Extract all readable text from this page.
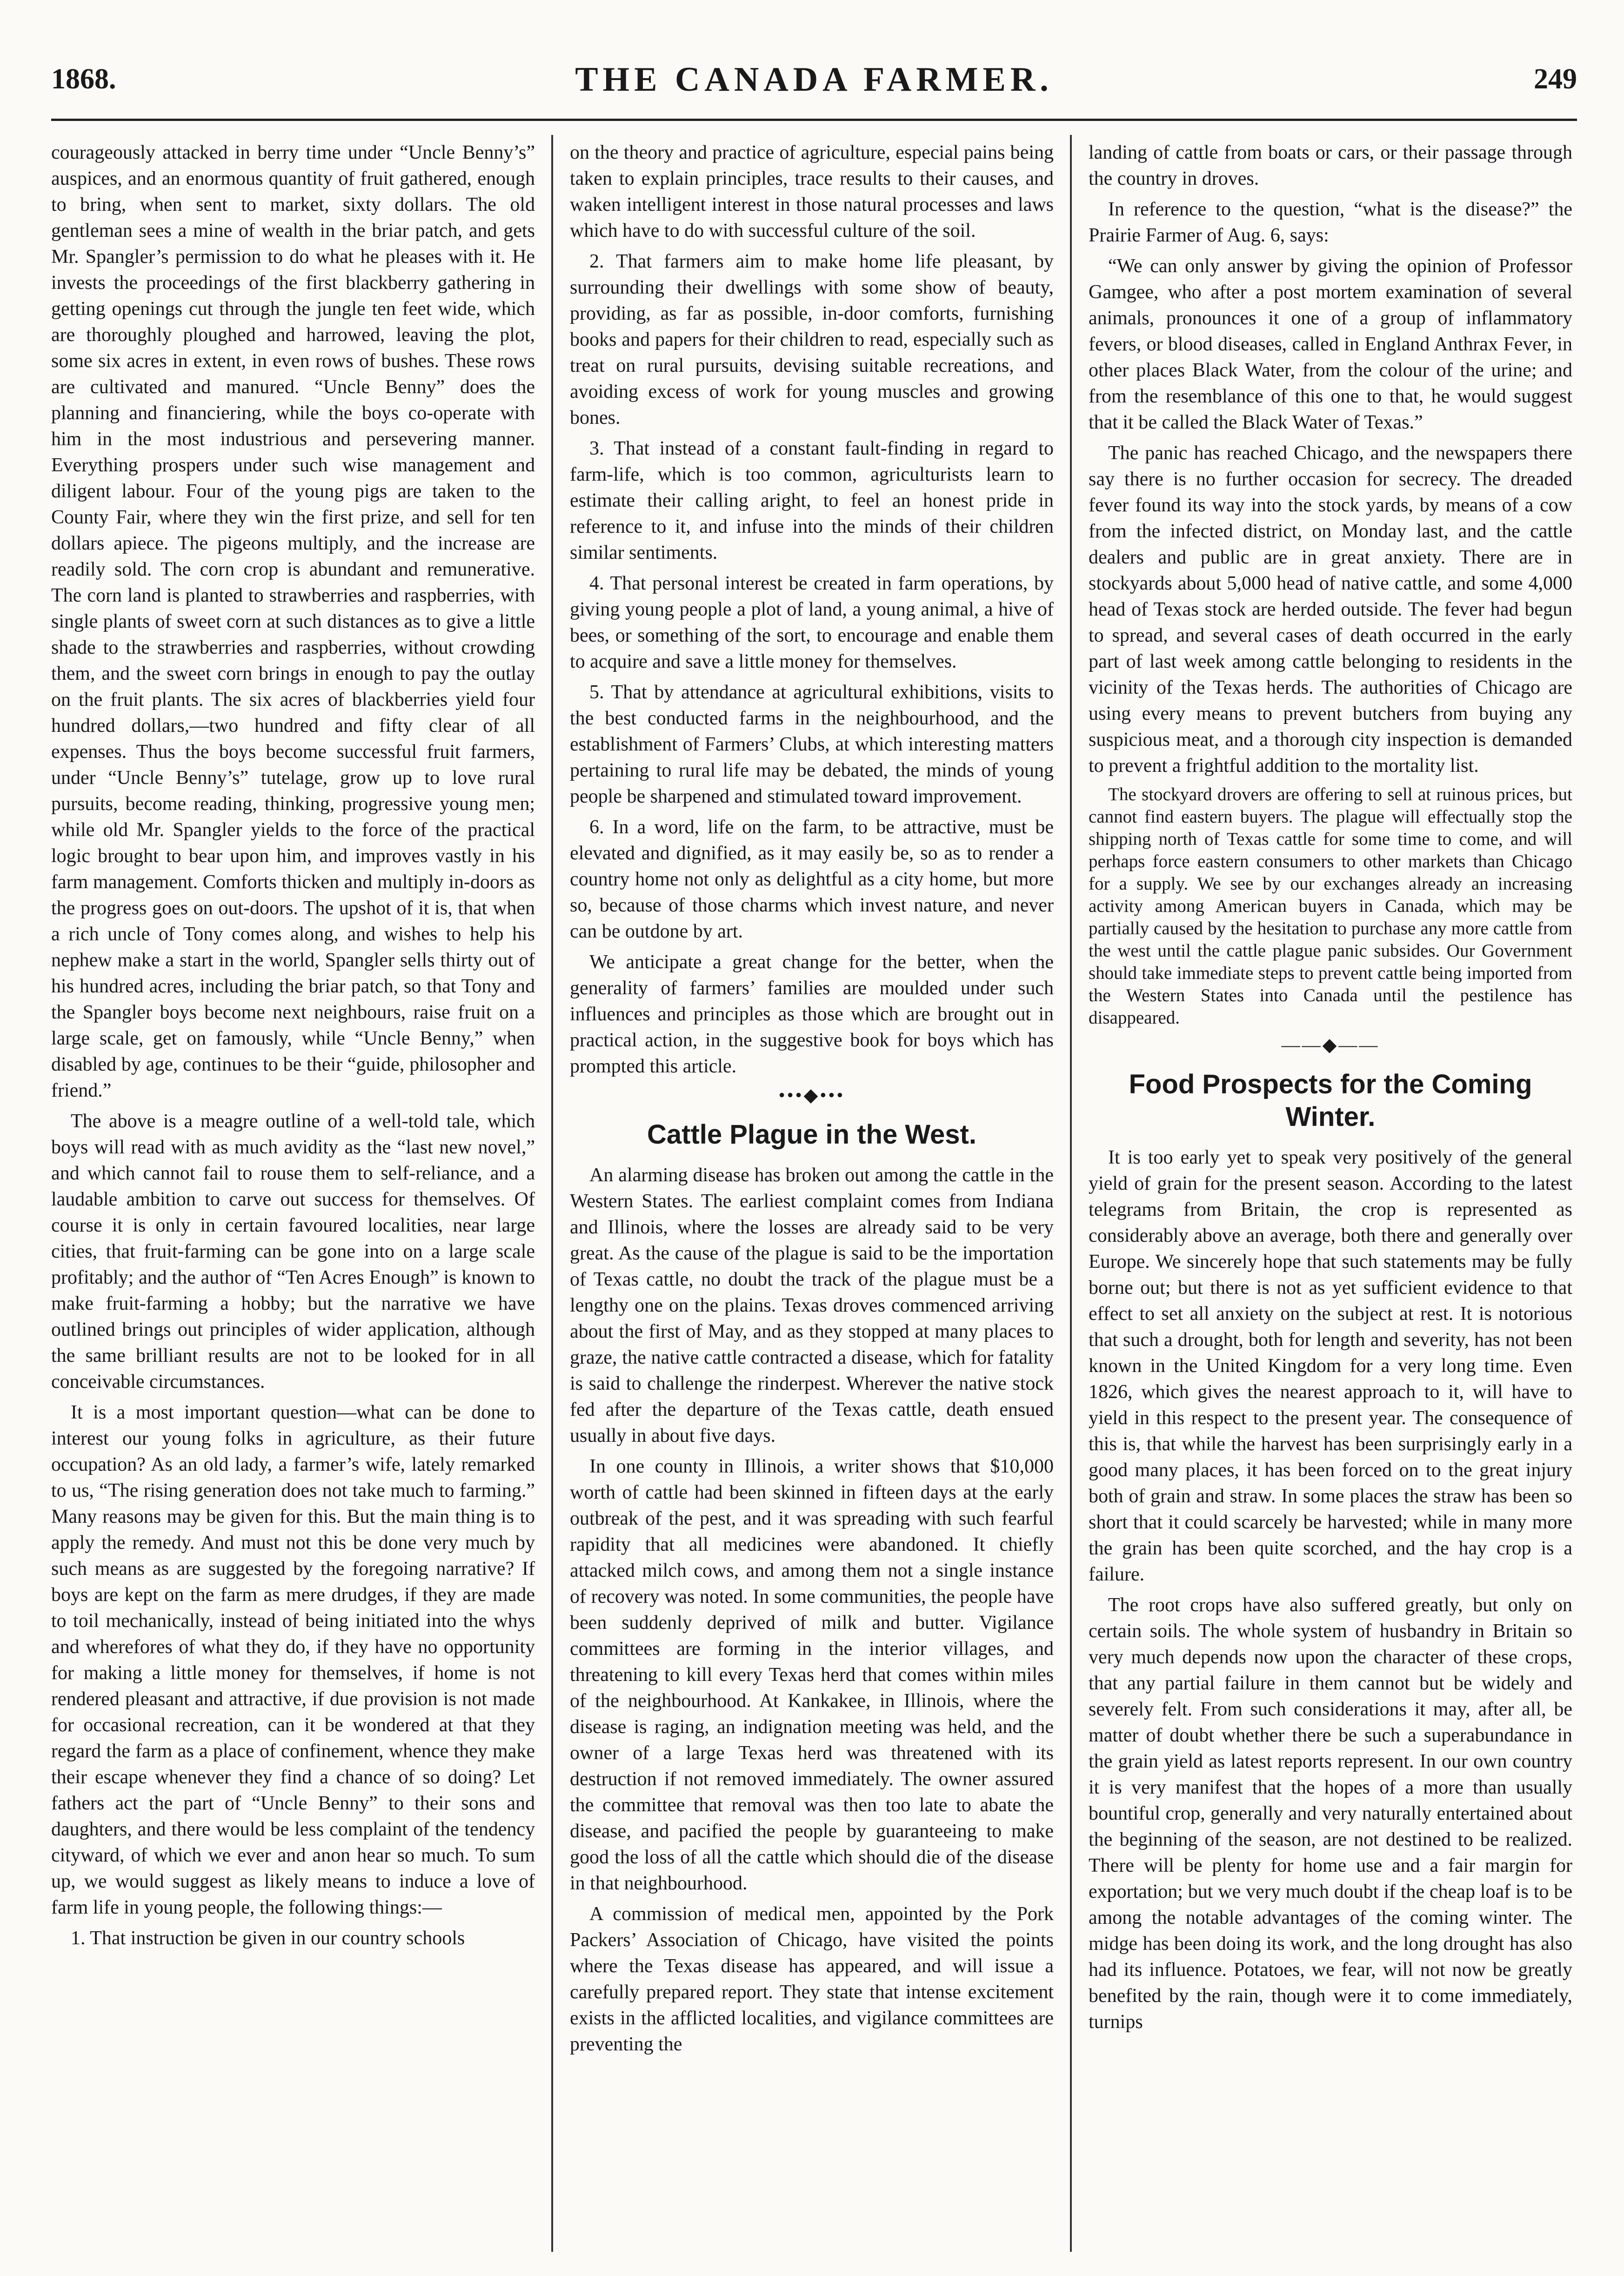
1868.	THE CANADA FARMER.	249

courageously attacked in berry time under “Uncle Benny’s” auspices, and an enormous quantity of fruit gathered, enough to bring, when sent to market, sixty dollars. The old gentleman sees a mine of wealth in the briar patch, and gets Mr. Spangler’s permission to do what he pleases with it. He invests the proceedings of the first blackberry gathering in getting openings cut through the jungle ten feet wide, which are thoroughly ploughed and harrowed, leaving the plot, some six acres in extent, in even rows of bushes. These rows are cultivated and manured. “Uncle Benny” does the planning and financiering, while the boys co-operate with him in the most industrious and persevering manner. Everything prospers under such wise management and diligent labour. Four of the young pigs are taken to the County Fair, where they win the first prize, and sell for ten dollars apiece. The pigeons multiply, and the increase are readily sold. The corn crop is abundant and remunerative. The corn land is planted to strawberries and raspberries, with single plants of sweet corn at such distances as to give a little shade to the strawberries and raspberries, without crowding them, and the sweet corn brings in enough to pay the outlay on the fruit plants. The six acres of blackberries yield four hundred dollars,—two hundred and fifty clear of all expenses. Thus the boys become successful fruit farmers, under “Uncle Benny’s” tutelage, grow up to love rural pursuits, become reading, thinking, progressive young men; while old Mr. Spangler yields to the force of the practical logic brought to bear upon him, and improves vastly in his farm management. Comforts thicken and multiply in-doors as the progress goes on out-doors. The upshot of it is, that when a rich uncle of Tony comes along, and wishes to help his nephew make a start in the world, Spangler sells thirty out of his hundred acres, including the briar patch, so that Tony and the Spangler boys become next neighbours, raise fruit on a large scale, get on famously, while “Uncle Benny,” when disabled by age, continues to be their “guide, philosopher and friend.”

The above is a meagre outline of a well-told tale, which boys will read with as much avidity as the “last new novel,” and which cannot fail to rouse them to self-reliance, and a laudable ambition to carve out success for themselves. Of course it is only in certain favoured localities, near large cities, that fruit-farming can be gone into on a large scale profitably; and the author of “Ten Acres Enough” is known to make fruit-farming a hobby; but the narrative we have outlined brings out principles of wider application, although the same brilliant results are not to be looked for in all conceivable circumstances.

It is a most important question—what can be done to interest our young folks in agriculture, as their future occupation? As an old lady, a farmer’s wife, lately remarked to us, “The rising generation does not take much to farming.” Many reasons may be given for this. But the main thing is to apply the remedy. And must not this be done very much by such means as are suggested by the foregoing narrative? If boys are kept on the farm as mere drudges, if they are made to toil mechanically, instead of being initiated into the whys and wherefores of what they do, if they have no opportunity for making a little money for themselves, if home is not rendered pleasant and attractive, if due provision is not made for occasional recreation, can it be wondered at that they regard the farm as a place of confinement, whence they make their escape whenever they find a chance of so doing? Let fathers act the part of “Uncle Benny” to their sons and daughters, and there would be less complaint of the tendency cityward, of which we ever and anon hear so much. To sum up, we would suggest as likely means to induce a love of farm life in young people, the following things:—

1. That instruction be given in our country schools

on the theory and practice of agriculture, especial pains being taken to explain principles, trace results to their causes, and waken intelligent interest in those natural processes and laws which have to do with successful culture of the soil.

2. That farmers aim to make home life pleasant, by surrounding their dwellings with some show of beauty, providing, as far as possible, in-door comforts, furnishing books and papers for their children to read, especially such as treat on rural pursuits, devising suitable recreations, and avoiding excess of work for young muscles and growing bones.

3. That instead of a constant fault-finding in regard to farm-life, which is too common, agriculturists learn to estimate their calling aright, to feel an honest pride in reference to it, and infuse into the minds of their children similar sentiments.

4. That personal interest be created in farm operations, by giving young people a plot of land, a young animal, a hive of bees, or something of the sort, to encourage and enable them to acquire and save a little money for themselves.

5. That by attendance at agricultural exhibitions, visits to the best conducted farms in the neighbourhood, and the establishment of Farmers’ Clubs, at which interesting matters pertaining to rural life may be debated, the minds of young people be sharpened and stimulated toward improvement.

6. In a word, life on the farm, to be attractive, must be elevated and dignified, as it may easily be, so as to render a country home not only as delightful as a city home, but more so, because of those charms which invest nature, and never can be outdone by art.

We anticipate a great change for the better, when the generality of farmers’ families are moulded under such influences and principles as those which are brought out in practical action, in the suggestive book for boys which has prompted this article.

•••◆•••
Cattle Plague in the West.

An alarming disease has broken out among the cattle in the Western States. The earliest complaint comes from Indiana and Illinois, where the losses are already said to be very great. As the cause of the plague is said to be the importation of Texas cattle, no doubt the track of the plague must be a lengthy one on the plains. Texas droves commenced arriving about the first of May, and as they stopped at many places to graze, the native cattle contracted a disease, which for fatality is said to challenge the rinderpest. Wherever the native stock fed after the departure of the Texas cattle, death ensued usually in about five days.

In one county in Illinois, a writer shows that $10,000 worth of cattle had been skinned in fifteen days at the early outbreak of the pest, and it was spreading with such fearful rapidity that all medicines were abandoned. It chiefly attacked milch cows, and among them not a single instance of recovery was noted. In some communities, the people have been suddenly deprived of milk and butter. Vigilance committees are forming in the interior villages, and threatening to kill every Texas herd that comes within miles of the neighbourhood. At Kankakee, in Illinois, where the disease is raging, an indignation meeting was held, and the owner of a large Texas herd was threatened with its destruction if not removed immediately. The owner assured the committee that removal was then too late to abate the disease, and pacified the people by guaranteeing to make good the loss of all the cattle which should die of the disease in that neighbourhood.

A commission of medical men, appointed by the Pork Packers’ Association of Chicago, have visited the points where the Texas disease has appeared, and will issue a carefully prepared report. They state that intense excitement exists in the afflicted localities, and vigilance committees are preventing the

landing of cattle from boats or cars, or their passage through the country in droves.

In reference to the question, “what is the disease?” the Prairie Farmer of Aug. 6, says:

“We can only answer by giving the opinion of Professor Gamgee, who after a post mortem examination of several animals, pronounces it one of a group of inflammatory fevers, or blood diseases, called in England Anthrax Fever, in other places Black Water, from the colour of the urine; and from the resemblance of this one to that, he would suggest that it be called the Black Water of Texas.”

The panic has reached Chicago, and the newspapers there say there is no further occasion for secrecy. The dreaded fever found its way into the stock yards, by means of a cow from the infected district, on Monday last, and the cattle dealers and public are in great anxiety. There are in stockyards about 5,000 head of native cattle, and some 4,000 head of Texas stock are herded outside. The fever had begun to spread, and several cases of death occurred in the early part of last week among cattle belonging to residents in the vicinity of the Texas herds. The authorities of Chicago are using every means to prevent butchers from buying any suspicious meat, and a thorough city inspection is demanded to prevent a frightful addition to the mortality list.

The stockyard drovers are offering to sell at ruinous prices, but cannot find eastern buyers. The plague will effectually stop the shipping north of Texas cattle for some time to come, and will perhaps force eastern consumers to other markets than Chicago for a supply. We see by our exchanges already an increasing activity among American buyers in Canada, which may be partially caused by the hesitation to purchase any more cattle from the west until the cattle plague panic subsides. Our Government should take immediate steps to prevent cattle being imported from the Western States into Canada until the pestilence has disappeared.

——◆——
Food Prospects for the Coming Winter.

It is too early yet to speak very positively of the general yield of grain for the present season. According to the latest telegrams from Britain, the crop is represented as considerably above an average, both there and generally over Europe. We sincerely hope that such statements may be fully borne out; but there is not as yet sufficient evidence to that effect to set all anxiety on the subject at rest. It is notorious that such a drought, both for length and severity, has not been known in the United Kingdom for a very long time. Even 1826, which gives the nearest approach to it, will have to yield in this respect to the present year. The consequence of this is, that while the harvest has been surprisingly early in a good many places, it has been forced on to the great injury both of grain and straw. In some places the straw has been so short that it could scarcely be harvested; while in many more the grain has been quite scorched, and the hay crop is a failure.

The root crops have also suffered greatly, but only on certain soils. The whole system of husbandry in Britain so very much depends now upon the character of these crops, that any partial failure in them cannot but be widely and severely felt. From such considerations it may, after all, be matter of doubt whether there be such a superabundance in the grain yield as latest reports represent. In our own country it is very manifest that the hopes of a more than usually bountiful crop, generally and very naturally entertained about the beginning of the season, are not destined to be realized. There will be plenty for home use and a fair margin for exportation; but we very much doubt if the cheap loaf is to be among the notable advantages of the coming winter. The midge has been doing its work, and the long drought has also had its influence. Potatoes, we fear, will not now be greatly benefited by the rain, though were it to come immediately, turnips
